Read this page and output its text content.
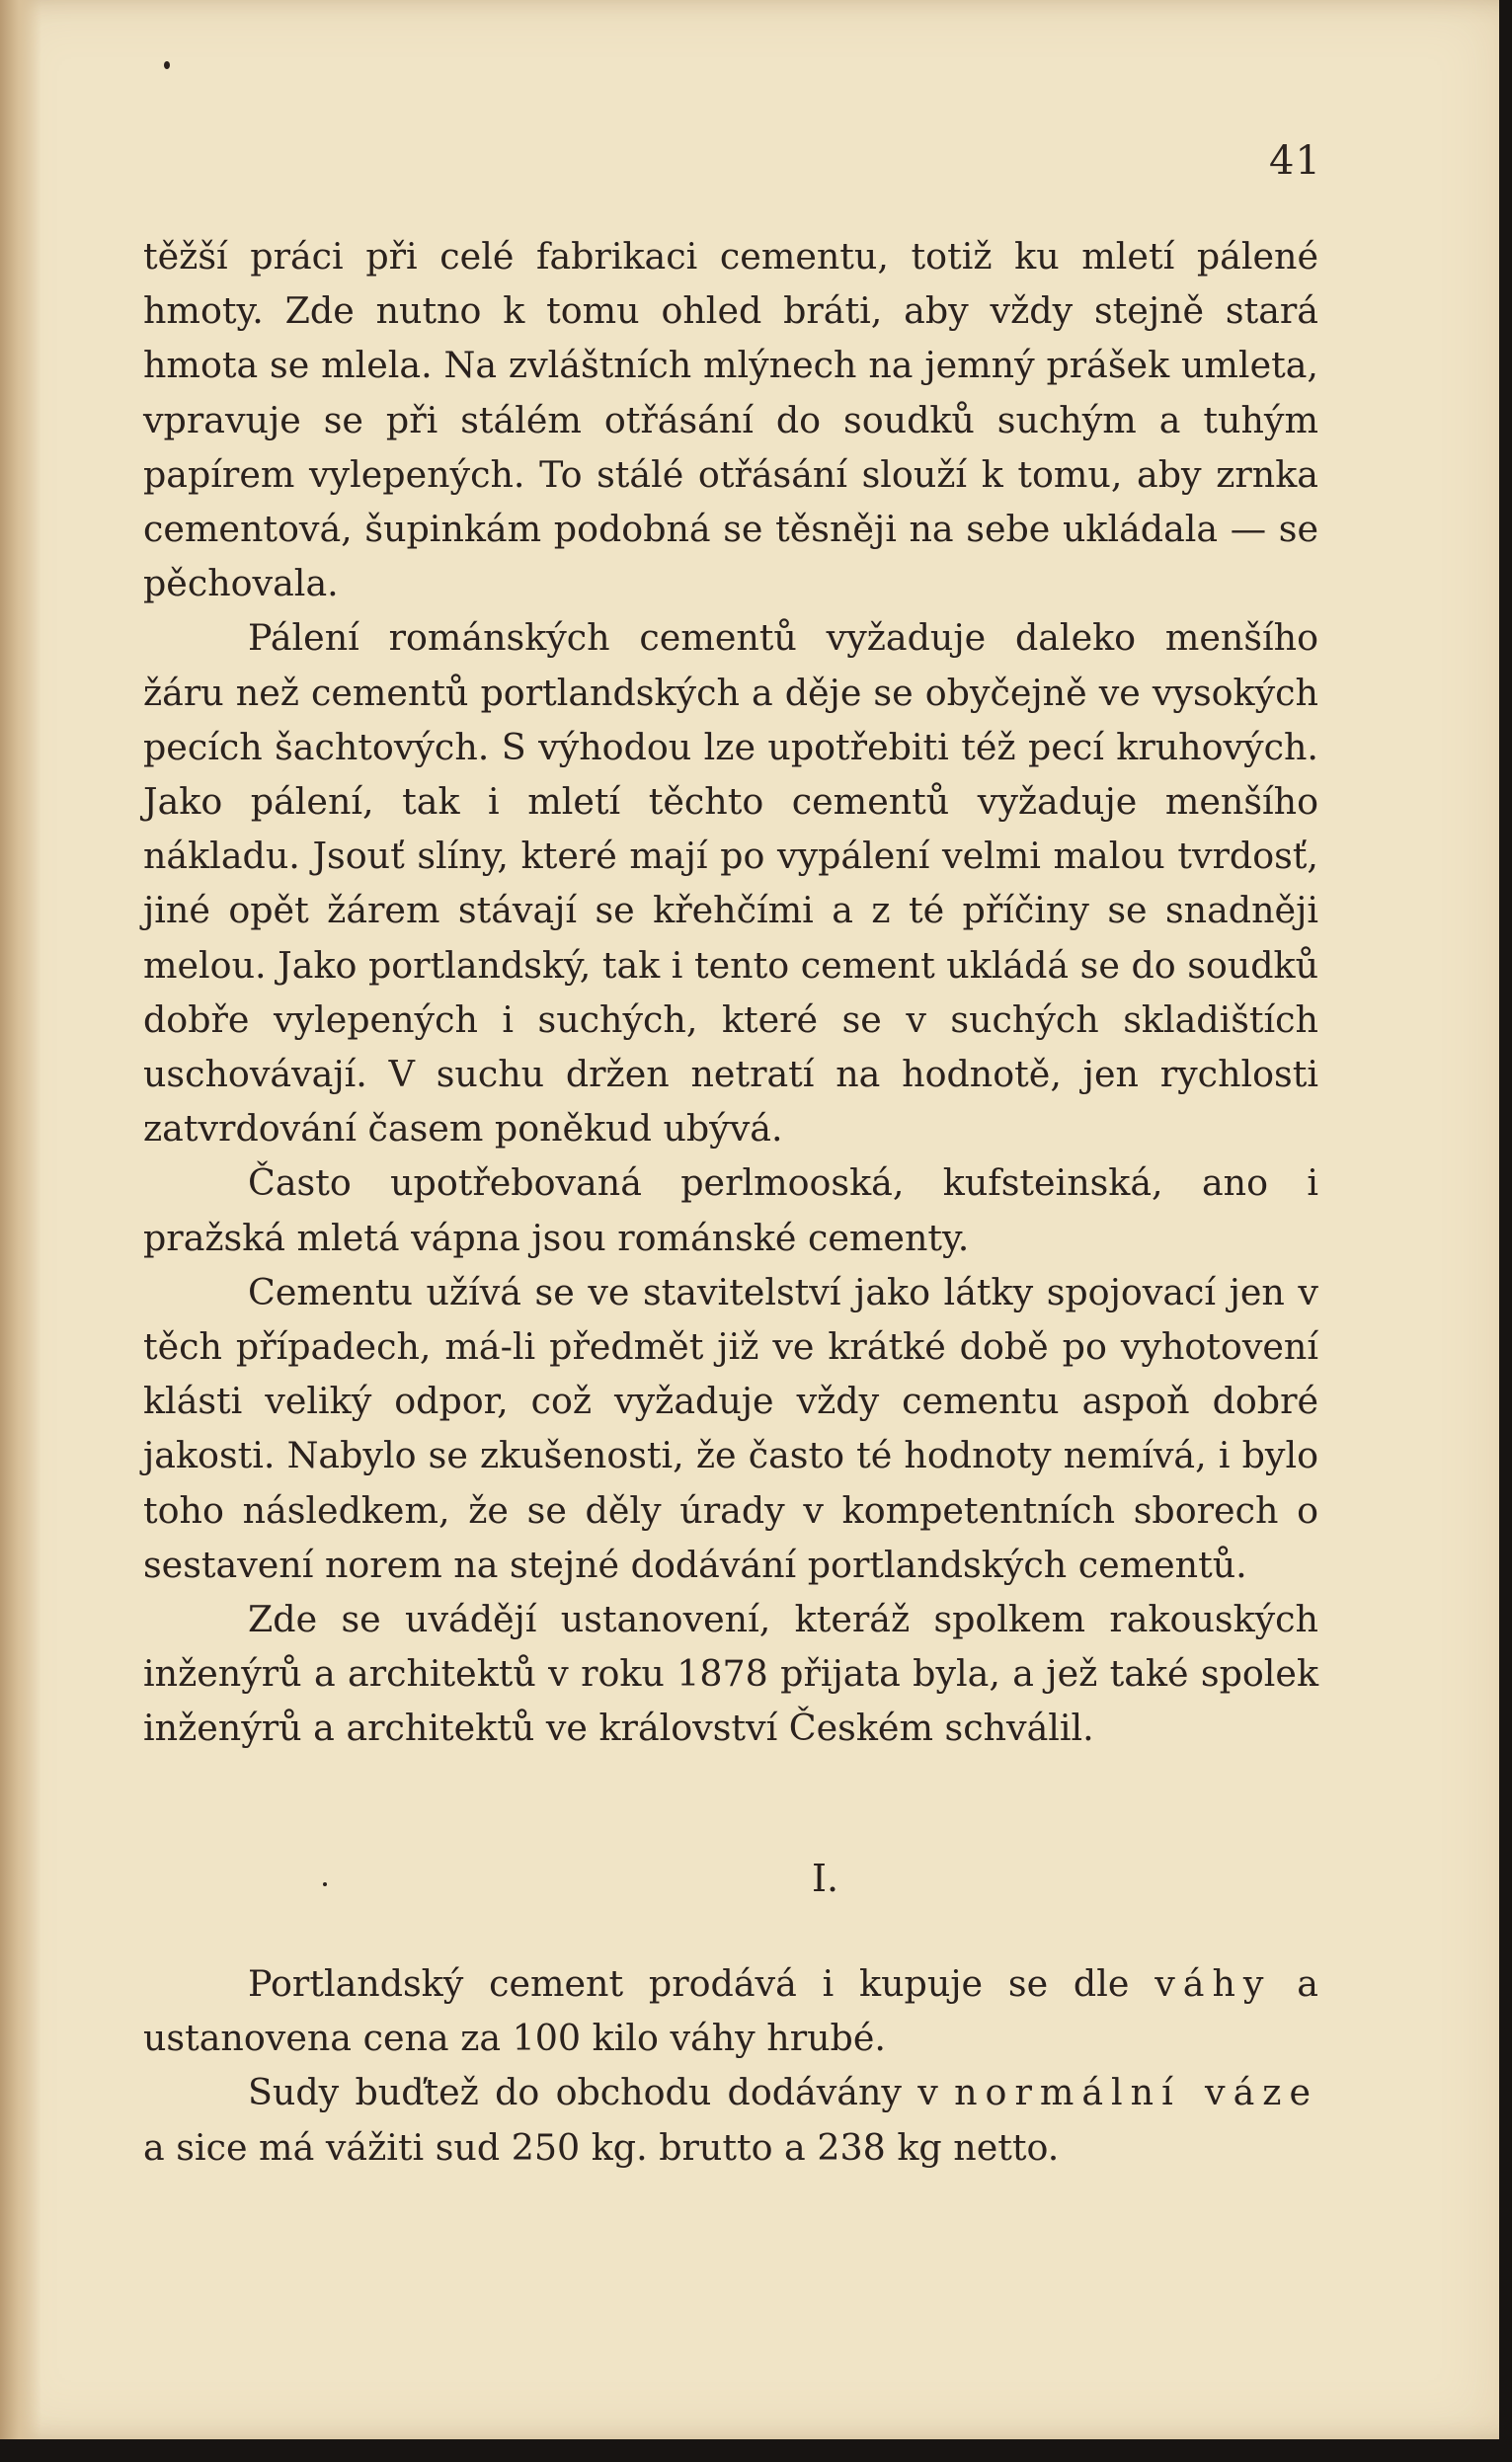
41

těžší práci při celé fabrikaci cementu, totiž ku mletí pálené hmoty. Zde nutno k tomu ohled bráti, aby vždy stejně stará hmota se mlela. Na zvláštních mlýnech na jemný prášek umleta, vpravuje se při stálém otřásání do soudků suchým a tuhým papírem vylepených. To stálé otřásání slouží k tomu, aby zrnka cementová, šupinkám podobná se těsněji na sebe ukládala — se pěchovala.

Pálení románských cementů vyžaduje daleko menšího žáru než cementů portlandských a děje se obyčejně ve vysokých pecích šachtových. S výhodou lze upotřebiti též pecí kruhových. Jako pálení, tak i mletí těchto cementů vyžaduje menšího nákladu. Jsouť slíny, které mají po vypálení velmi malou tvrdosť, jiné opět žárem stávají se křehčími a z té příčiny se snadněji melou. Jako portlandský, tak i tento cement ukládá se do soudků dobře vylepených i suchých, které se v suchých skladištích uschovávají. V suchu držen netratí na hodnotě, jen rychlosti zatvrdování časem poněkud ubývá.

Často upotřebovaná perlmooská, kufsteinská, ano i pražská mletá vápna jsou románské cementy.

Cementu užívá se ve stavitelství jako látky spojovací jen v těch případech, má-li předmět již ve krátké době po vyhotovení klásti veliký odpor, což vyžaduje vždy cementu aspoň dobré jakosti. Nabylo se zkušenosti, že často té hodnoty nemívá, i bylo toho následkem, že se děly úrady v kompetentních sborech o sestavení norem na stejné dodávání portlandských cementů.

Zde se uvádějí ustanovení, kteráž spolkem rakouských inženýrů a architektů v roku 1878 přijata byla, a jež také spolek inženýrů a architektů ve království Českém schválil.

I.

Portlandský cement prodává i kupuje se dle váhy a ustanovena cena za 100 kilo váhy hrubé.

Sudy buďtež do obchodu dodávány v normální váze a sice má vážiti sud 250 kg. brutto a 238 kg netto.
